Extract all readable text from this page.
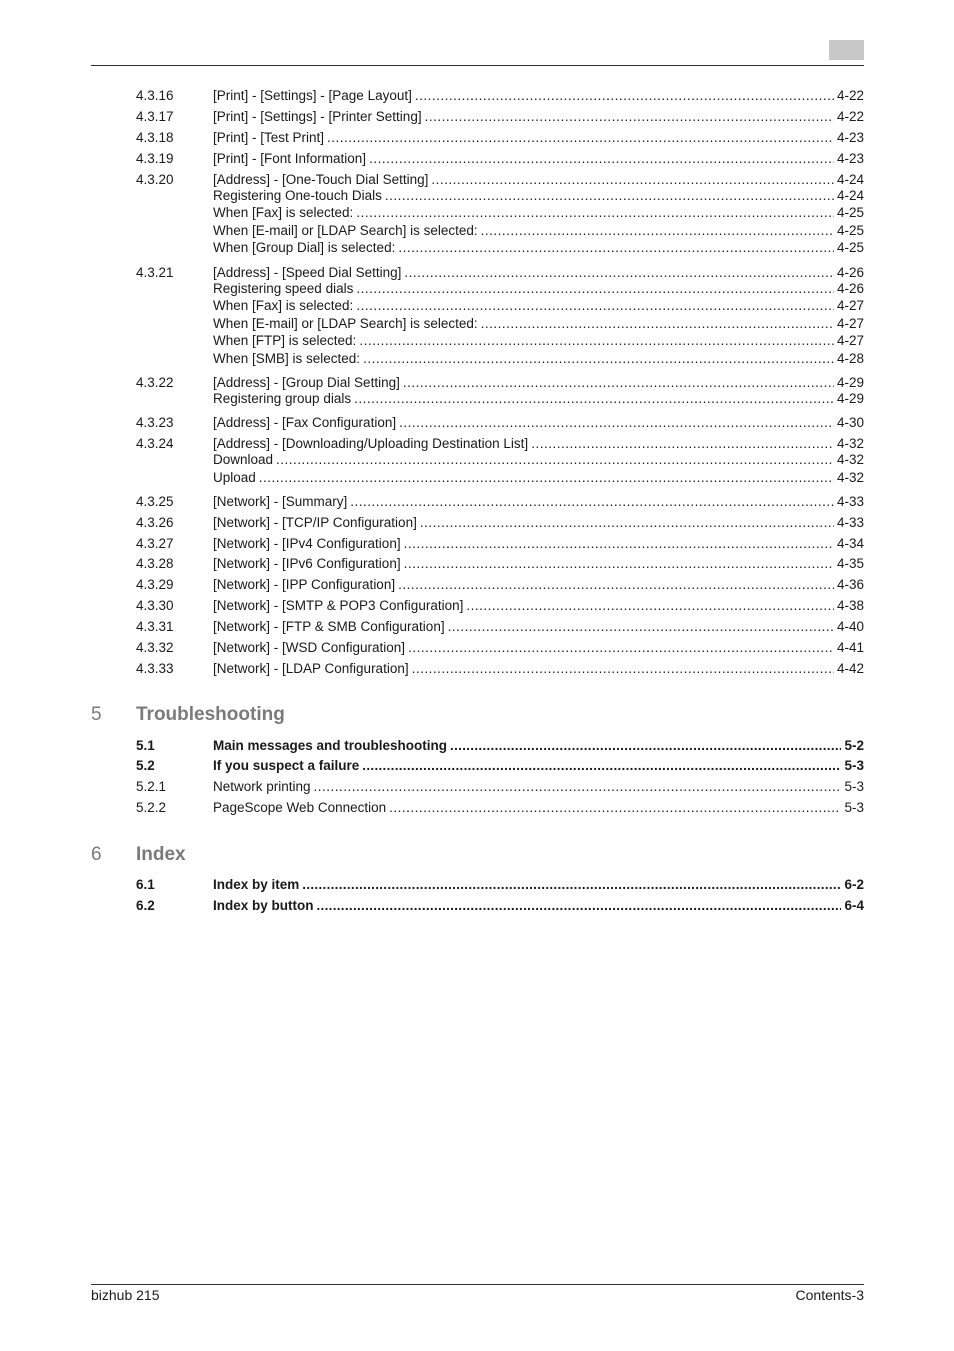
4.3.16	[Print] - [Settings] - [Page Layout] .....	4-22
4.3.17	[Print] - [Settings] - [Printer Setting] .....	4-22
4.3.18	[Print] - [Test Print] .....	4-23
4.3.19	[Print] - [Font Information] .....	4-23
4.3.20	[Address] - [One-Touch Dial Setting] .....	4-24
Registering One-touch Dials .....	4-24
When [Fax] is selected: .....	4-25
When [E-mail] or [LDAP Search] is selected: .....	4-25
When [Group Dial] is selected: .....	4-25
4.3.21	[Address] - [Speed Dial Setting] .....	4-26
Registering speed dials .....	4-26
When [Fax] is selected: .....	4-27
When [E-mail] or [LDAP Search] is selected: .....	4-27
When [FTP] is selected: .....	4-27
When [SMB] is selected: .....	4-28
4.3.22	[Address] - [Group Dial Setting] .....	4-29
Registering group dials .....	4-29
4.3.23	[Address] - [Fax Configuration] .....	4-30
4.3.24	[Address] - [Downloading/Uploading Destination List] .....	4-32
Download .....	4-32
Upload .....	4-32
4.3.25	[Network] - [Summary] .....	4-33
4.3.26	[Network] - [TCP/IP Configuration] .....	4-33
4.3.27	[Network] - [IPv4 Configuration] .....	4-34
4.3.28	[Network] - [IPv6 Configuration] .....	4-35
4.3.29	[Network] - [IPP Configuration] .....	4-36
4.3.30	[Network] - [SMTP & POP3 Configuration] .....	4-38
4.3.31	[Network] - [FTP & SMB Configuration] .....	4-40
4.3.32	[Network] - [WSD Configuration] .....	4-41
4.3.33	[Network] - [LDAP Configuration] .....	4-42
5 Troubleshooting
5.1	Main messages and troubleshooting .....	5-2
5.2	If you suspect a failure .....	5-3
5.2.1	Network printing .....	5-3
5.2.2	PageScope Web Connection .....	5-3
6 Index
6.1	Index by item .....	6-2
6.2	Index by button .....	6-4
bizhub 215	Contents-3
